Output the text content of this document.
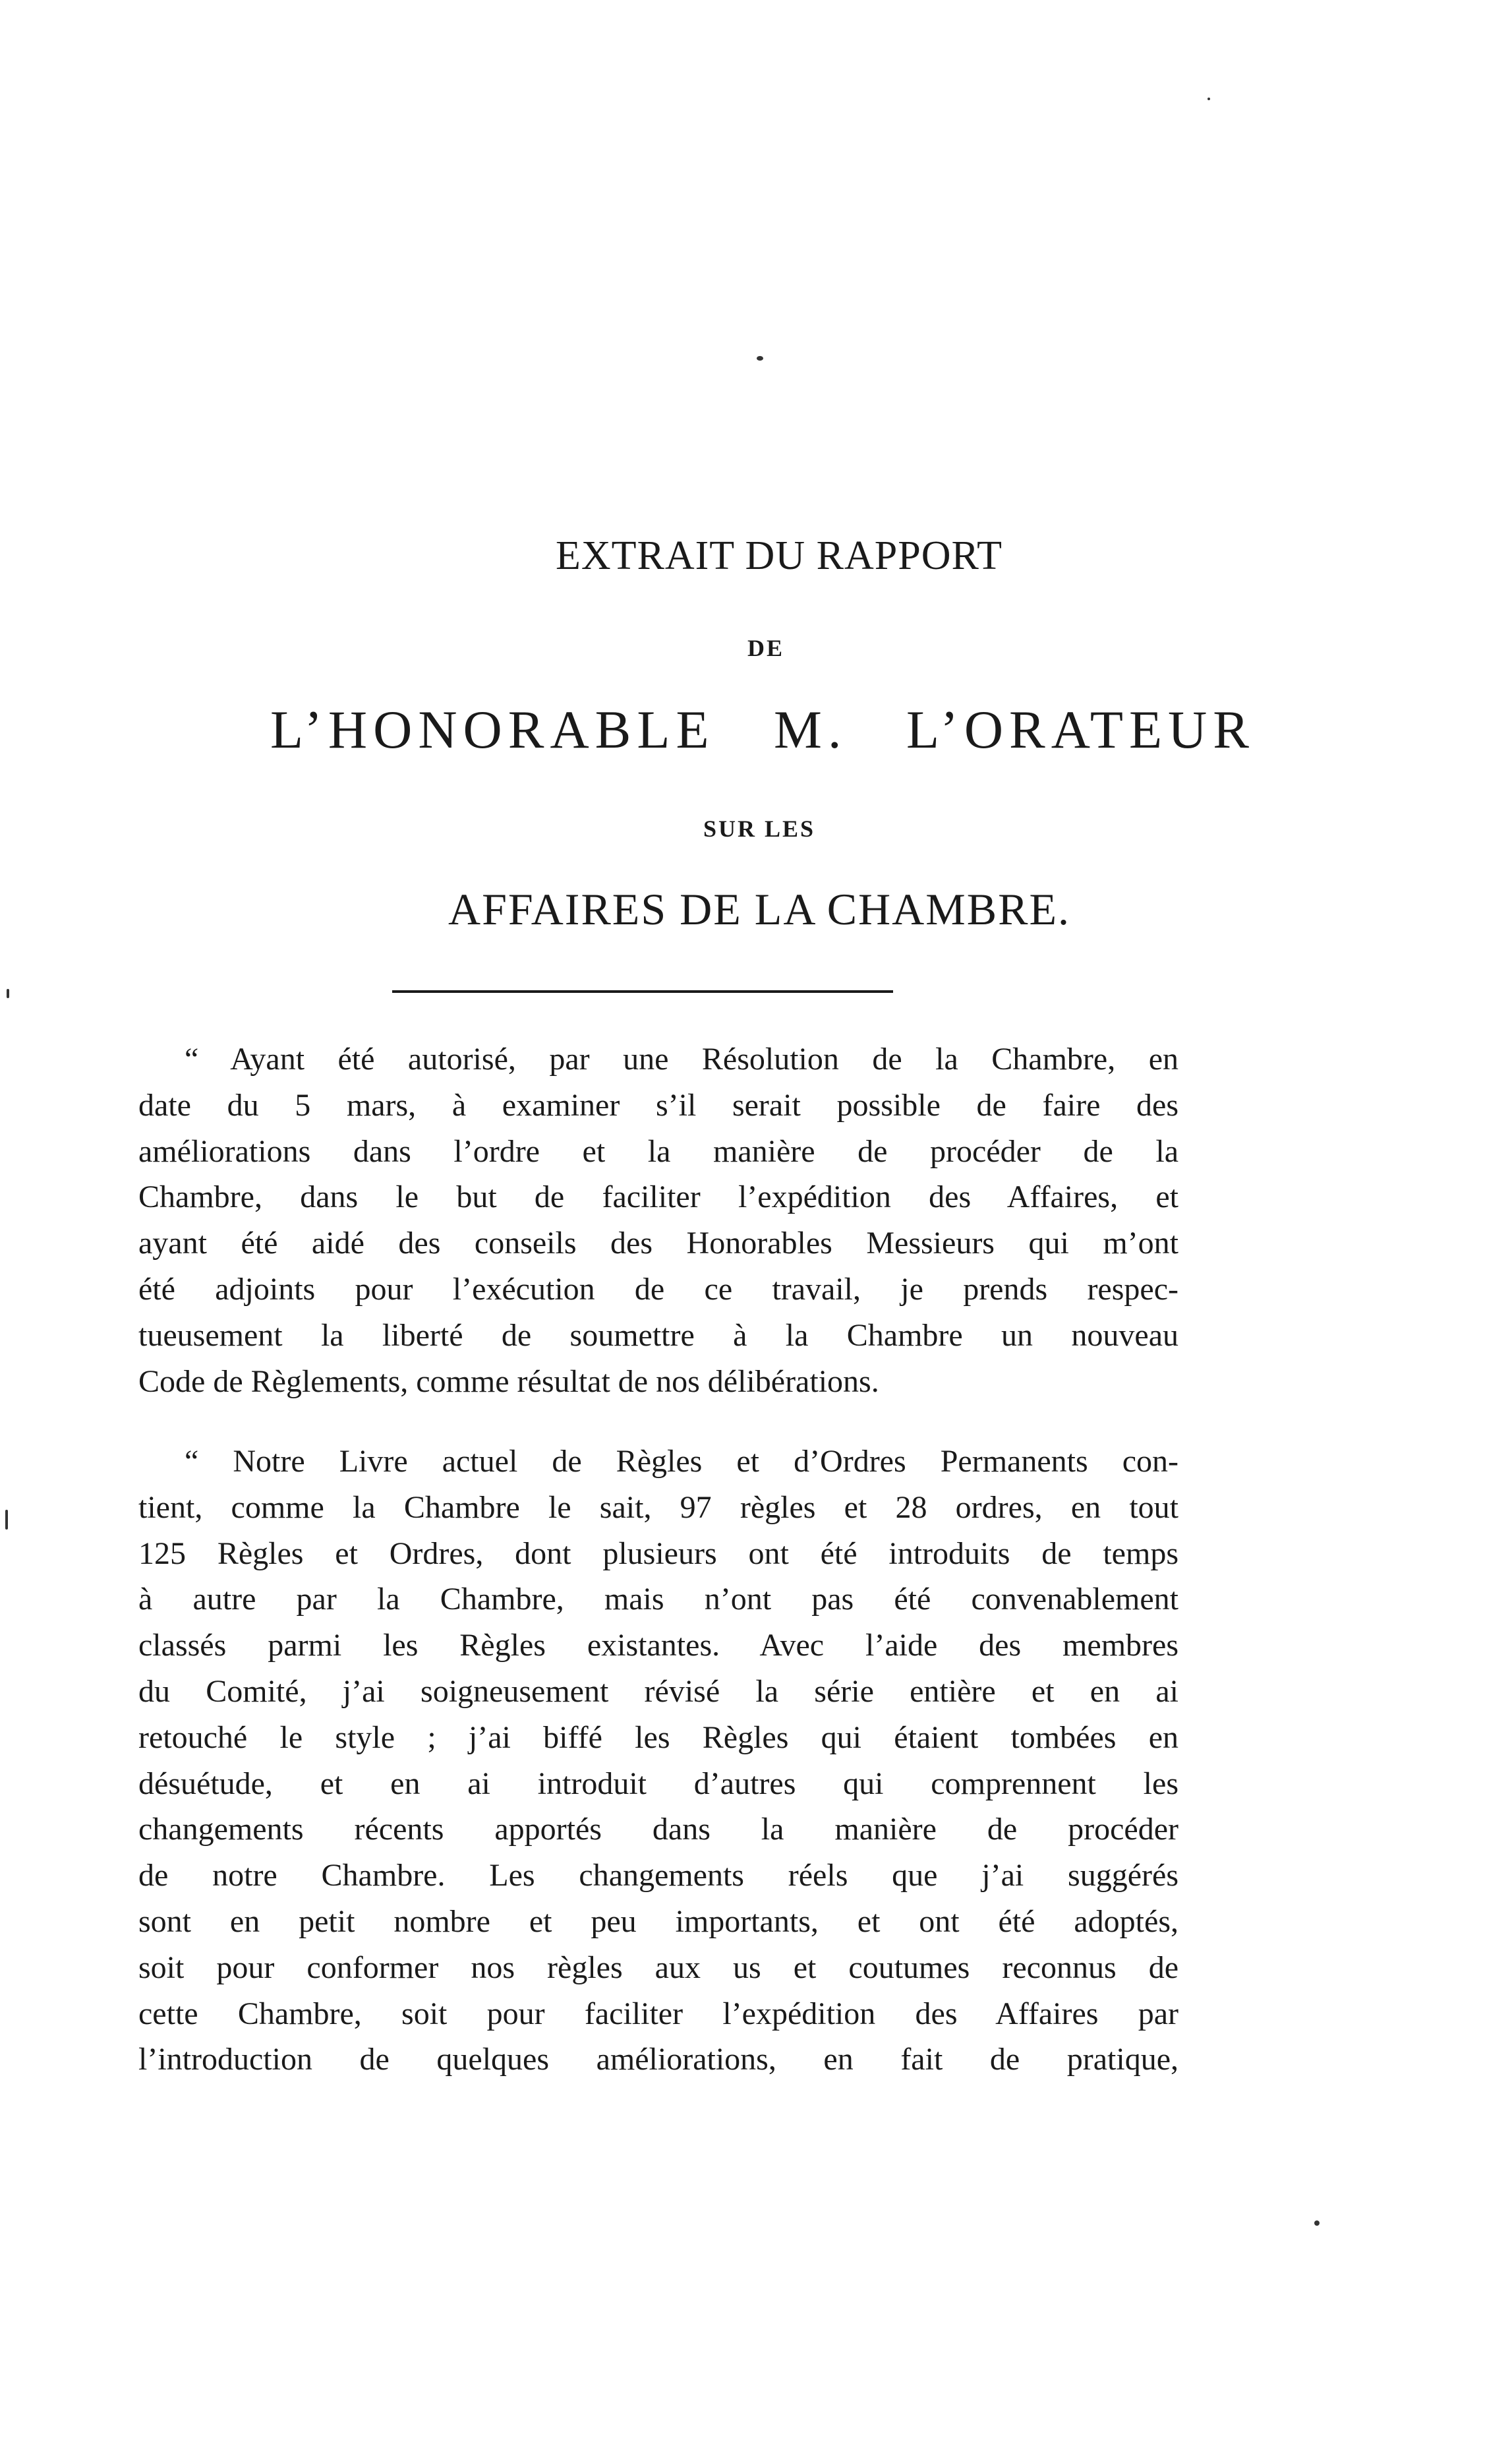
EXTRAIT DU RAPPORT
DE
L’HONORABLE M. L’ORATEUR
SUR LES
AFFAIRES DE LA CHAMBRE.
“ Ayant été autorisé, par une Résolution de la Chambre, en
date du 5 mars, à examiner s’il serait possible de faire des
améliorations dans l’ordre et la manière de procéder de la
Chambre, dans le but de faciliter l’expédition des Affaires, et
ayant été aidé des conseils des Honorables Messieurs qui m’ont
été adjoints pour l’exécution de ce travail, je prends respec-
tueusement la liberté de soumettre à la Chambre un nouveau
Code de Règlements, comme résultat de nos délibérations.
“ Notre Livre actuel de Règles et d’Ordres Permanents con-
tient, comme la Chambre le sait, 97 règles et 28 ordres, en tout
125 Règles et Ordres, dont plusieurs ont été introduits de temps
à autre par la Chambre, mais n’ont pas été convenablement
classés parmi les Règles existantes. Avec l’aide des membres
du Comité, j’ai soigneusement révisé la série entière et en ai
retouché le style ; j’ai biffé les Règles qui étaient tombées en
désuétude, et en ai introduit d’autres qui comprennent les
changements récents apportés dans la manière de procéder
de notre Chambre. Les changements réels que j’ai suggérés
sont en petit nombre et peu importants, et ont été adoptés,
soit pour conformer nos règles aux us et coutumes reconnus de
cette Chambre, soit pour faciliter l’expédition des Affaires par
l’introduction de quelques améliorations, en fait de pratique,
